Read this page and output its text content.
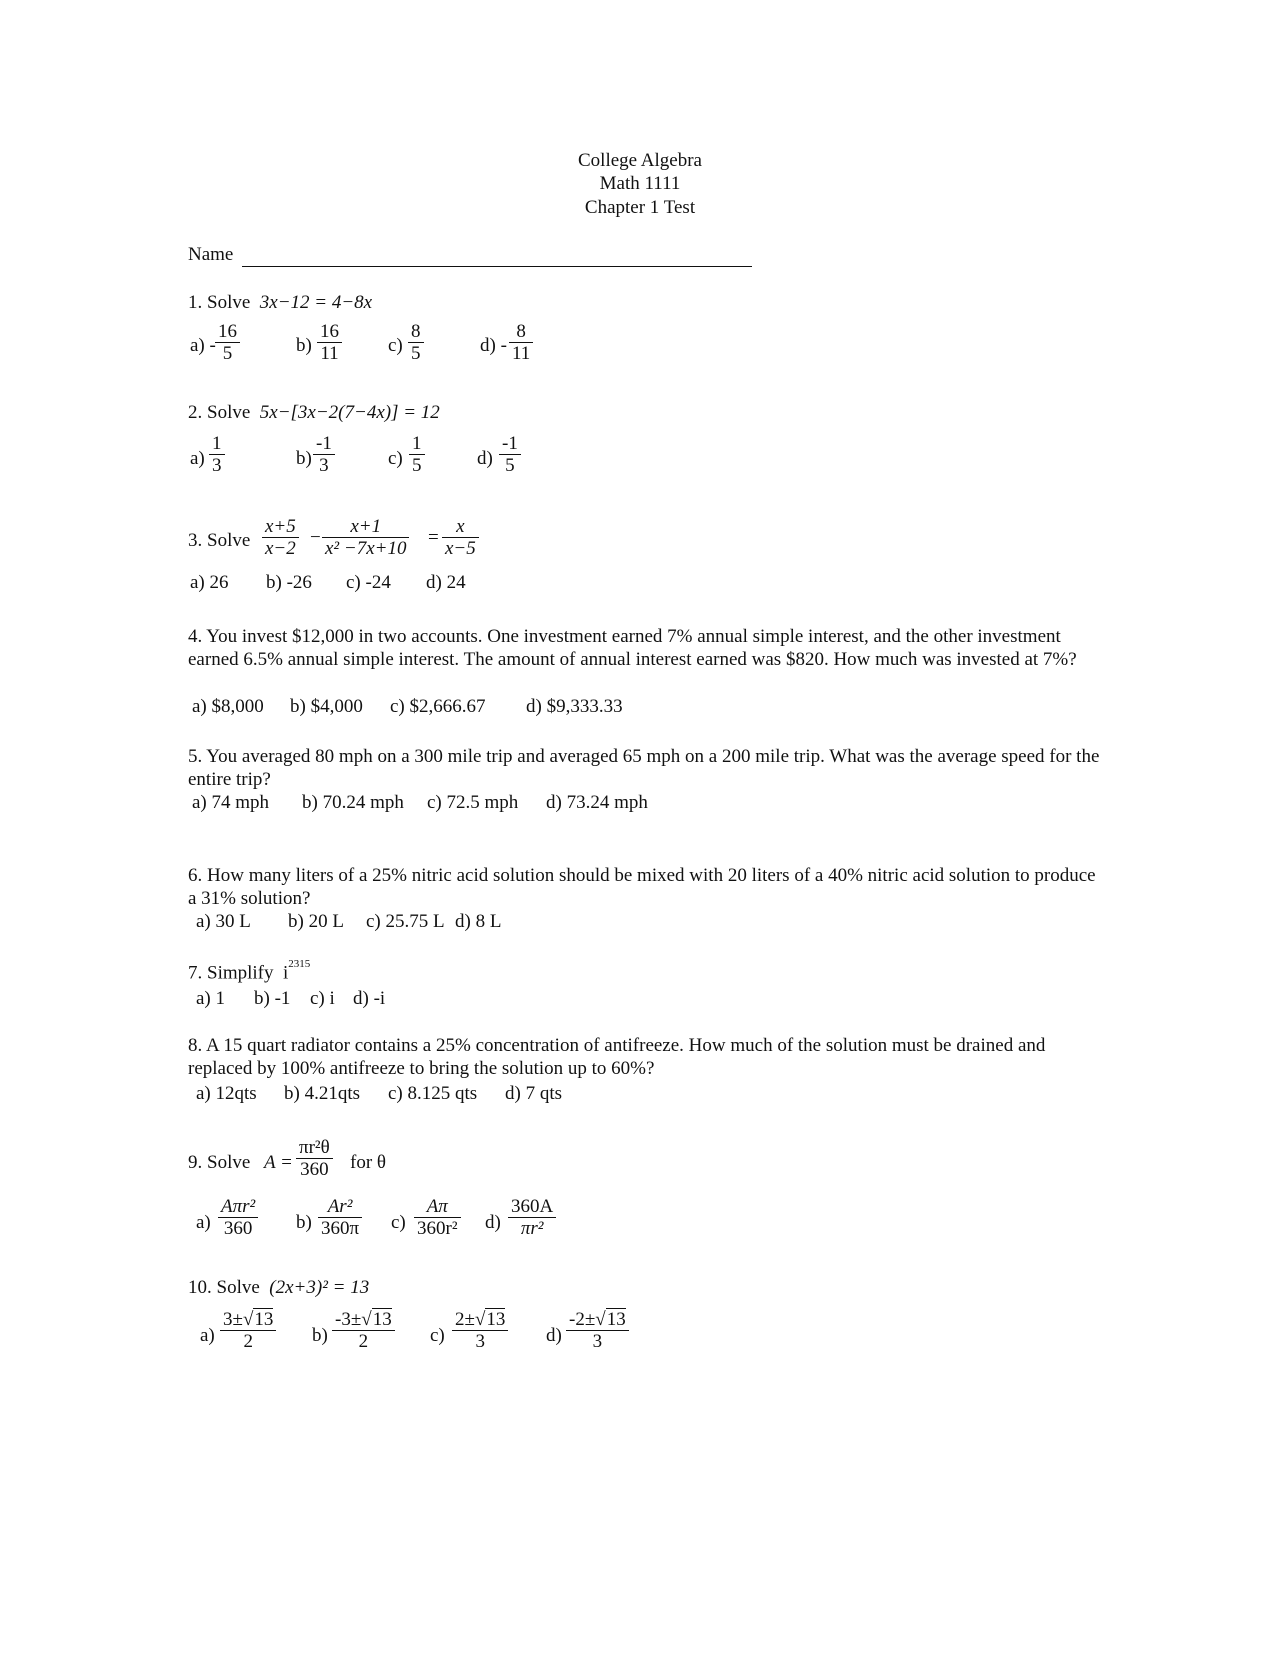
College Algebra
Math 1111
Chapter 1 Test
Name
1. Solve 3x−12 = 4−8x
$a) - \frac{16}{5}$	$b) \frac{16}{11} c) \frac{8}{5}$	$d) - \frac{8}{11}$
2. Solve 5x−[3x−2(7−4x)] = 12
$a) \frac{1}{3}$	$b) \frac{-1}{3}$	$c) \frac{1}{5}$	$d) \frac{-1}{5}$
3. Solve $\frac{x+5}{x-2} - \frac{x+1}{\text{x² −7x+10}} = \frac{x}{x-5}$
a) 26 b) -26 c) -24 d) 24
4. You invest $12,000 in two accounts. One investment earned 7% annual simple interest, and the other investment earned 6.5% annual simple interest. The amount of annual interest earned was $820. How much was invested at 7%?
a) $8,000 b) $4,000 c) $2,666.67 d) $9,333.33
5. You averaged 80 mph on a 300 mile trip and averaged 65 mph on a 200 mile trip. What was the average speed for the entire trip?
a) 74 mph b) 70.24 mph c) 72.5 mph d) 73.24 mph
6. How many liters of a 25% nitric acid solution should be mixed with 20 liters of a 40% nitric acid solution to produce a 31% solution?
a) 30 L b) 20 L c) 25.75 L d) 8 L
7. Simplify $i^{2315}$
a) 1 b) -1 c) i d) -i
8. A 15 quart radiator contains a 25% concentration of antifreeze. How much of the solution must be drained and replaced by 100% antifreeze to bring the solution up to 60%?
a) 12qts b) 4.21qts c) 8.125 qts d) 7 qts
9. Solve $A = \frac{\text{πr²θ}}{360}$ for θ
a)
Aπr²
360	$b) \frac{\text{Ar²}}{360\pi} c) \frac{A\pi}{\text{360r²}} d) \frac{360A}{\text{πr²}}$
10. Solve (2x+3)² = 13
$a) \frac{3\pm√13}{2} b) \frac{-3\pm√13}{2} c) \frac{2\pm√13}{3} d) \frac{-2\pm√13}{3}$
